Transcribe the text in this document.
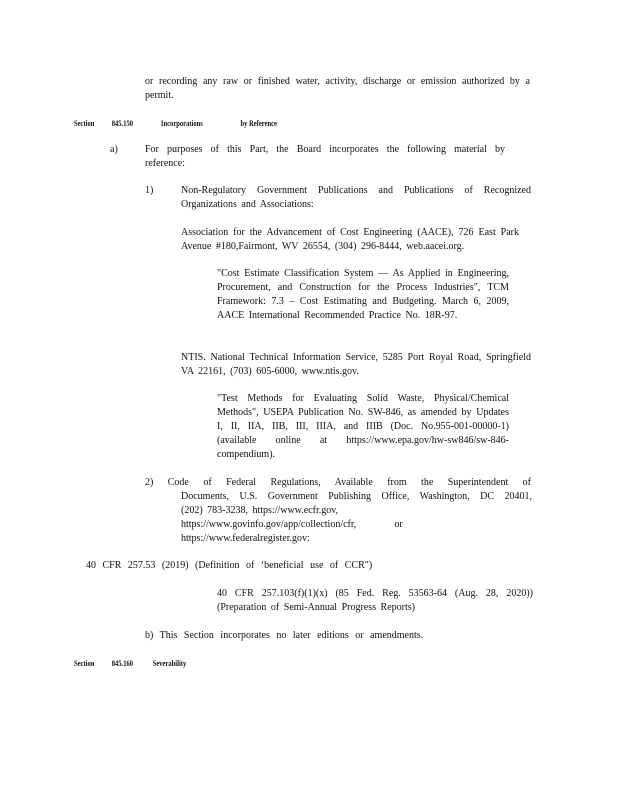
or recording any raw or finished water, activity, discharge or emission authorized by a permit.

Section 845.150	Incorporations	by Reference

a)	For purposes of this Part, the Board incorporates the following material by reference:

1)	Non-Regulatory Government Publications and Publications of Recognized Organizations and Associations:

Association for the Advancement of Cost Engineering (AACE), 726 East Park Avenue #180,Fairmont, WV 26554, (304) 296-8444, web.aacei.org.

"Cost Estimate Classification System — As Applied in Engineering, Procurement, and Construction for the Process Industries", TCM Framework: 7.3 – Cost Estimating and Budgeting. March 6, 2009, AACE International Recommended Practice No. 18R-97.

NTIS. National Technical Information Service, 5285 Port Royal Road, Springfield VA 22161, (703) 605-6000, www.ntis.gov.

"Test Methods for Evaluating Solid Waste, Physical/Chemical Methods", USEPA Publication No. SW-846, as amended by Updates I, II, IIA, IIB, III, IIIA, and IIIB (Doc. No.955-001-00000-1) (available online at https://www.epa.gov/hw-sw846/sw-846-compendium).

2) Code of Federal Regulations, Available from the Superintendent of

Documents, U.S. Government Publishing Office, Washington, DC 20401,

(202) 783-3238, https://www.ecfr.gov,

https://www.govinfo.gov/app/collection/cfr,	or

https://www.federalregister.gov:

40 CFR 257.53 (2019) (Definition of ‘beneficial use of CCR")

40 CFR 257.103(f)(1)(x) (85 Fed. Reg. 53563-64 (Aug. 28, 2020)) (Preparation of Semi-Annual Progress Reports)

b) This Section incorporates no later editions or amendments.

Section 845.160 Severability
